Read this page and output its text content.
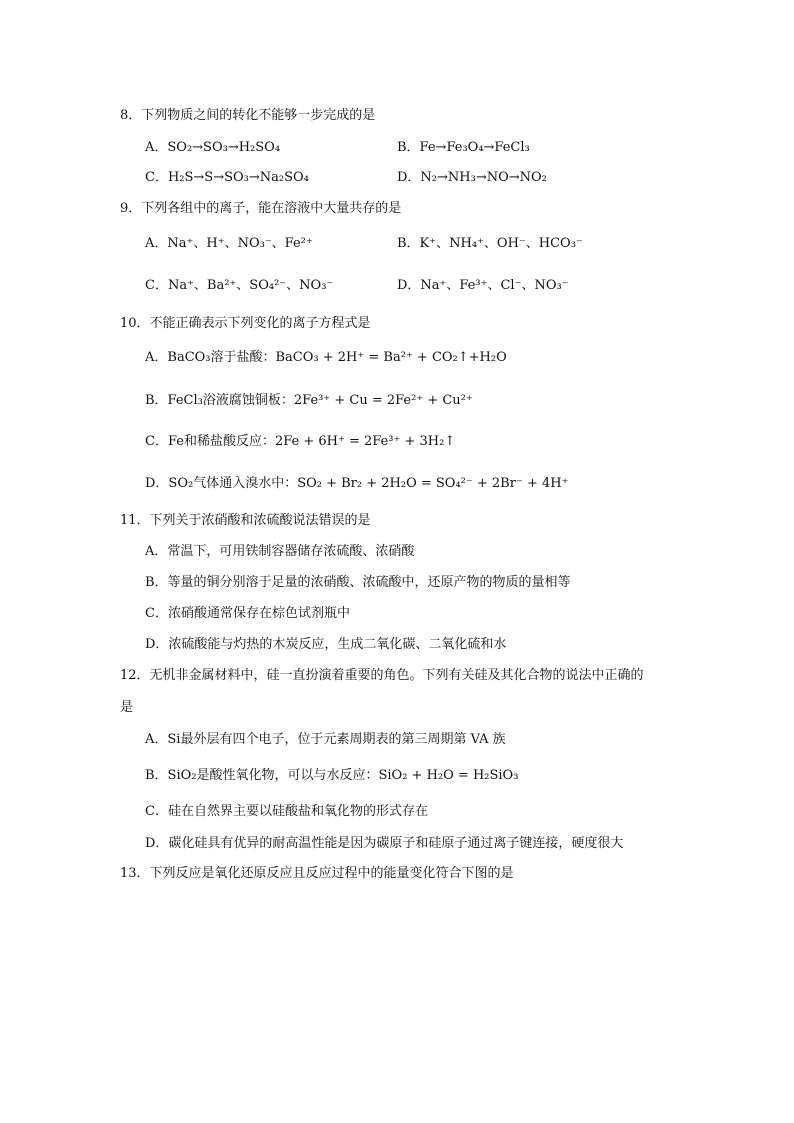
8．下列物质之间的转化不能够一步完成的是
A．SO₂→SO₃→H₂SO₄	B．Fe→Fe₃O₄→FeCl₃
C．H₂S→S→SO₃→Na₂SO₄	D．N₂→NH₃→NO→NO₂
9．下列各组中的离子，能在溶液中大量共存的是
A．Na⁺、H⁺、NO₃⁻、Fe²⁺	B．K⁺、NH₄⁺、OH⁻、HCO₃⁻
C．Na⁺、Ba²⁺、SO₄²⁻、NO₃⁻	D．Na⁺、Fe³⁺、Cl⁻、NO₃⁻
10．不能正确表示下列变化的离子方程式是
A．BaCO₃溶于盐酸：BaCO₃ + 2H⁺ = Ba²⁺ + CO₂↑+H₂O
B．FeCl₃浴液腐蚀铜板：2Fe³⁺ + Cu = 2Fe²⁺ + Cu²⁺
C．Fe和稀盐酸反应：2Fe + 6H⁺ = 2Fe³⁺ + 3H₂↑
D．SO₂气体通入溴水中：SO₂ + Br₂ + 2H₂O = SO₄²⁻ + 2Br⁻ + 4H⁺
11．下列关于浓硝酸和浓硫酸说法错误的是
A．常温下，可用铁制容器储存浓硫酸、浓硝酸
B．等量的铜分别溶于足量的浓硝酸、浓硫酸中，还原产物的物质的量相等
C．浓硝酸通常保存在棕色试剂瓶中
D．浓硫酸能与灼热的木炭反应，生成二氧化碳、二氧化硫和水
12．无机非金属材料中，硅一直扮演着重要的角色。下列有关硅及其化合物的说法中正确的
是
A．Si最外层有四个电子，位于元素周期表的第三周期第 VA 族
B．SiO₂是酸性氧化物，可以与水反应：SiO₂ + H₂O = H₂SiO₃
C．硅在自然界主要以硅酸盐和氧化物的形式存在
D．碳化硅具有优异的耐高温性能是因为碳原子和硅原子通过离子键连接，硬度很大
13．下列反应是氧化还原反应且反应过程中的能量变化符合下图的是
